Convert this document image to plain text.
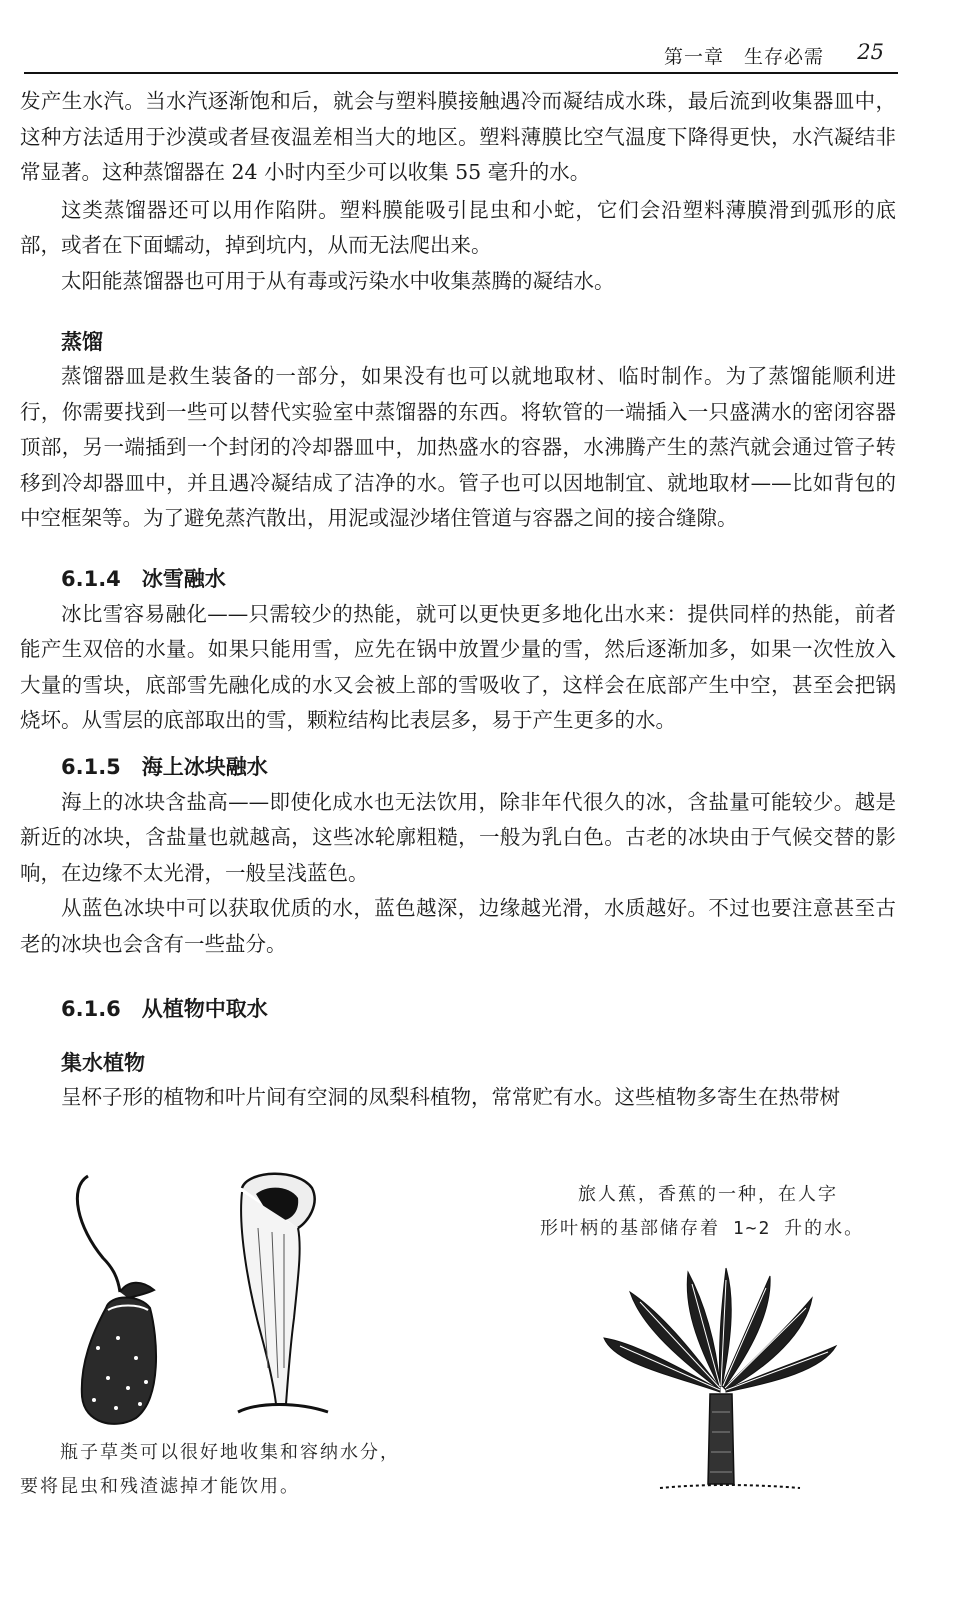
第一章　生存必需 25

发产生水汽。当水汽逐渐饱和后，就会与塑料膜接触遇冷而凝结成水珠，最后流到收集器皿中，这种方法适用于沙漠或者昼夜温差相当大的地区。塑料薄膜比空气温度下降得更快，水汽凝结非常显著。这种蒸馏器在 24 小时内至少可以收集 55 毫升的水。

这类蒸馏器还可以用作陷阱。塑料膜能吸引昆虫和小蛇，它们会沿塑料薄膜滑到弧形的底部，或者在下面蠕动，掉到坑内，从而无法爬出来。

太阳能蒸馏器也可用于从有毒或污染水中收集蒸腾的凝结水。

蒸馏

蒸馏器皿是救生装备的一部分，如果没有也可以就地取材、临时制作。为了蒸馏能顺利进行，你需要找到一些可以替代实验室中蒸馏器的东西。将软管的一端插入一只盛满水的密闭容器顶部，另一端插到一个封闭的冷却器皿中，加热盛水的容器，水沸腾产生的蒸汽就会通过管子转移到冷却器皿中，并且遇冷凝结成了洁净的水。管子也可以因地制宜、就地取材——比如背包的中空框架等。为了避免蒸汽散出，用泥或湿沙堵住管道与容器之间的接合缝隙。

6.1.4　冰雪融水

冰比雪容易融化——只需较少的热能，就可以更快更多地化出水来：提供同样的热能，前者能产生双倍的水量。如果只能用雪，应先在锅中放置少量的雪，然后逐渐加多，如果一次性放入大量的雪块，底部雪先融化成的水又会被上部的雪吸收了，这样会在底部产生中空，甚至会把锅烧坏。从雪层的底部取出的雪，颗粒结构比表层多，易于产生更多的水。

6.1.5　海上冰块融水

海上的冰块含盐高——即使化成水也无法饮用，除非年代很久的冰，含盐量可能较少。越是新近的冰块，含盐量也就越高，这些冰轮廓粗糙，一般为乳白色。古老的冰块由于气候交替的影响，在边缘不太光滑，一般呈浅蓝色。

从蓝色冰块中可以获取优质的水，蓝色越深，边缘越光滑，水质越好。不过也要注意甚至古老的冰块也会含有一些盐分。

6.1.6　从植物中取水
集水植物

呈杯子形的植物和叶片间有空洞的凤梨科植物，常常贮有水。这些植物多寄生在热带树

旅人蕉，香蕉的一种，在人字
形叶柄的基部储存着 1~2 升的水。
瓶子草类可以很好地收集和容纳水分，
要将昆虫和残渣滤掉才能饮用。
